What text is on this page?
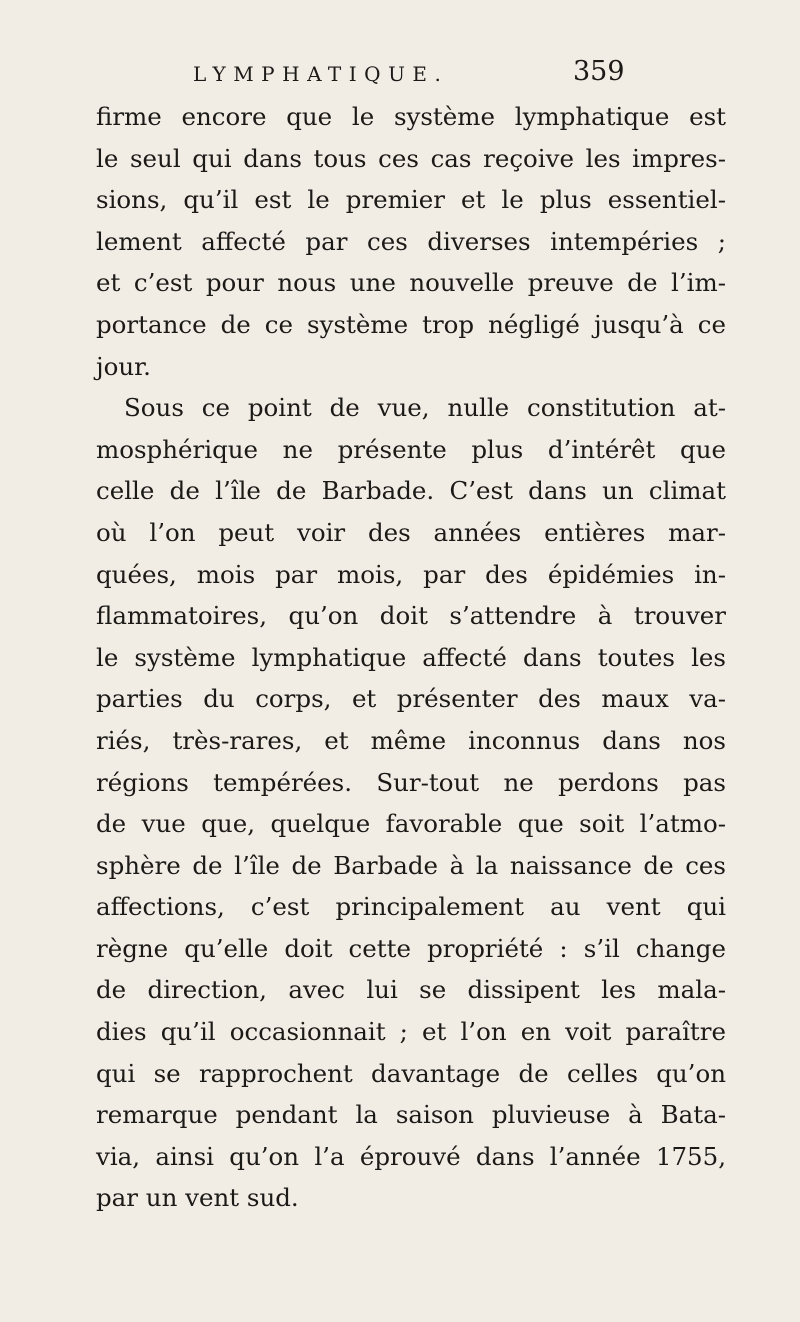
LYMPHATIQUE.	359
firme encore que le système lymphatique est
le seul qui dans tous ces cas reçoive les impres-
sions, qu’il est le premier et le plus essentiel-
lement affecté par ces diverses intempéries ;
et c’est pour nous une nouvelle preuve de l’im-
portance de ce système trop négligé jusqu’à ce
jour.
Sous ce point de vue, nulle constitution at-
mosphérique ne présente plus d’intérêt que
celle de l’île de Barbade. C’est dans un climat
où l’on peut voir des années entières mar-
quées, mois par mois, par des épidémies in-
flammatoires, qu’on doit s’attendre à trouver
le système lymphatique affecté dans toutes les
parties du corps, et présenter des maux va-
riés, très-rares, et même inconnus dans nos
régions tempérées. Sur-tout ne perdons pas
de vue que, quelque favorable que soit l’atmo-
sphère de l’île de Barbade à la naissance de ces
affections, c’est principalement au vent qui
règne qu’elle doit cette propriété : s’il change
de direction, avec lui se dissipent les mala-
dies qu’il occasionnait ; et l’on en voit paraître
qui se rapprochent davantage de celles qu’on
remarque pendant la saison pluvieuse à Bata-
via, ainsi qu’on l’a éprouvé dans l’année 1755,
par un vent sud.
